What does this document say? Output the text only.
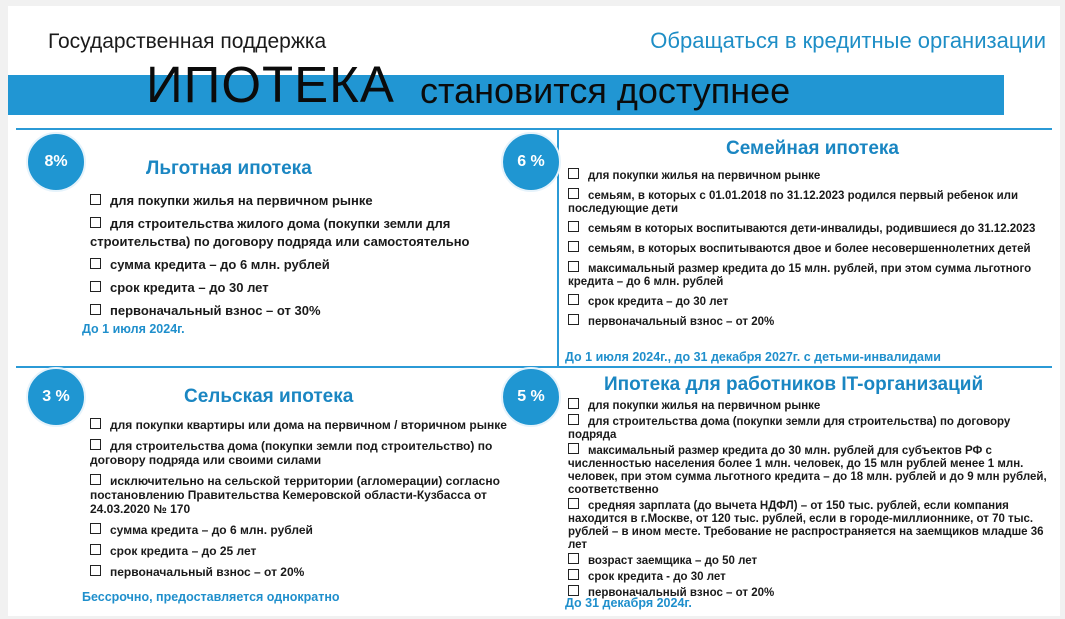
Государственная поддержка	Обращаться в кредитные организации
ИПОТЕКА становится доступнее
8%	Льготная ипотека
для покупки жилья на первичном рынке
для строительства жилого дома (покупки земли для строительства) по договору подряда или самостоятельно
сумма кредита – до 6 млн. рублей
срок кредита – до 30 лет
первоначальный взнос – от 30%
До 1 июля 2024г.
6 %
Семейная ипотека
для покупки жилья на первичном рынке
семьям, в которых с 01.01.2018 по 31.12.2023 родился первый ребенок или последующие дети
семьям в которых воспитываются дети-инвалиды, родившиеся до 31.12.2023
семьям, в которых воспитываются двое и более несовершеннолетних детей
максимальный размер кредита до 15 млн. рублей, при этом сумма льготного кредита – до 6 млн. рублей
срок кредита – до 30 лет
первоначальный взнос – от 20%
До 1 июля 2024г., до 31 декабря 2027г. с детьми-инвалидами
3 %	Сельская ипотека
для покупки квартиры или дома на первичном / вторичном рынке
для строительства дома (покупки земли под строительство) по договору подряда или своими силами
исключительно на сельской территории (агломерации) согласно постановлению Правительства Кемеровской области-Кузбасса от 24.03.2020 № 170
сумма кредита – до 6 млн. рублей
срок кредита – до 25 лет
первоначальный взнос – от 20%
Бессрочно, предоставляется однократно
5 %
Ипотека для работников IT-организаций
для покупки жилья на первичном рынке
для строительства дома (покупки земли для строительства) по договору подряда
максимальный размер кредита до 30 млн. рублей для субъектов РФ с численностью населения более 1 млн. человек, до 15 млн рублей менее 1 млн. человек, при этом сумма льготного кредита – до 18 млн. рублей и до 9 млн рублей, соответственно
средняя зарплата (до вычета НДФЛ) – от 150 тыс. рублей, если компания находится в г.Москве, от 120 тыс. рублей, если в городе-миллионнике, от 70 тыс. рублей – в ином месте. Требование не распространяется на заемщиков младше 36 лет
возраст заемщика – до 50 лет
срок кредита - до 30 лет
первоначальный взнос – от 20%
До 31 декабря 2024г.
